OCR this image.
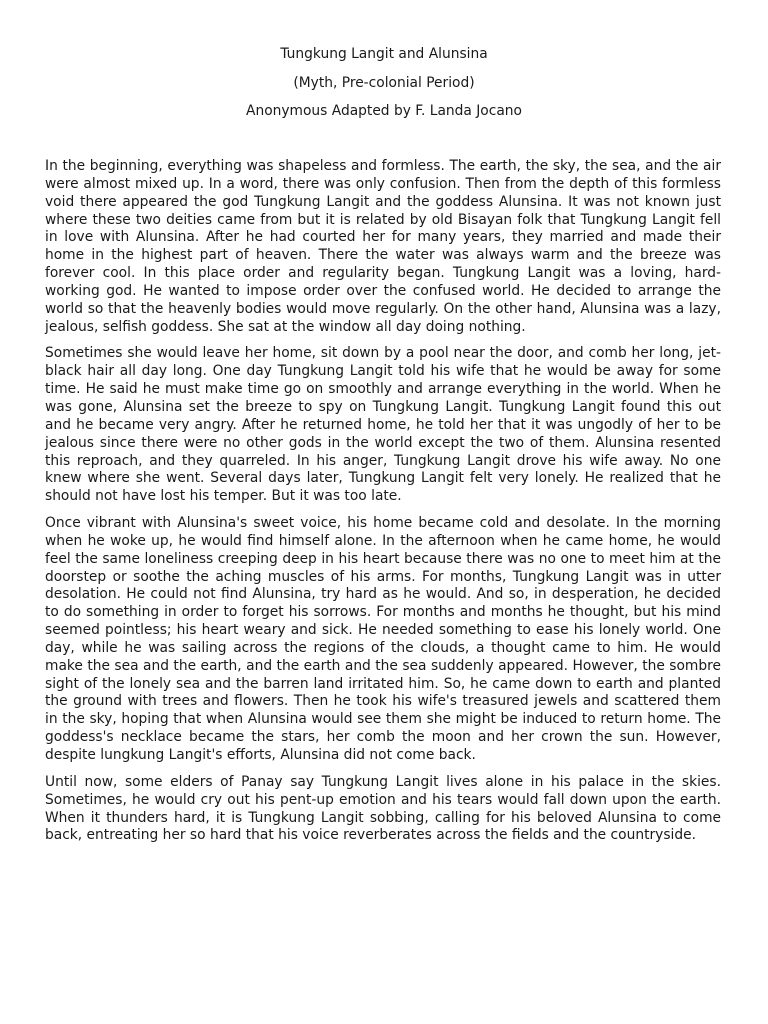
Tungkung Langit and Alunsina

(Myth, Pre-colonial Period)

Anonymous Adapted by F. Landa Jocano

In the beginning, everything was shapeless and formless. The earth, the sky, the sea, and the air were almost mixed up. In a word, there was only confusion. Then from the depth of this formless void there appeared the god Tungkung Langit and the goddess Alunsina. It was not known just where these two deities came from but it is related by old Bisayan folk that Tungkung Langit fell in love with Alunsina. After he had courted her for many years, they married and made their home in the highest part of heaven. There the water was always warm and the breeze was forever cool. In this place order and regularity began. Tungkung Langit was a loving, hard-working god. He wanted to impose order over the confused world. He decided to arrange the world so that the heavenly bodies would move regularly. On the other hand, Alunsina was a lazy, jealous, selfish goddess. She sat at the window all day doing nothing.

Sometimes she would leave her home, sit down by a pool near the door, and comb her long, jet-black hair all day long. One day Tungkung Langit told his wife that he would be away for some time. He said he must make time go on smoothly and arrange everything in the world. When he was gone, Alunsina set the breeze to spy on Tungkung Langit. Tungkung Langit found this out and he became very angry. After he returned home, he told her that it was ungodly of her to be jealous since there were no other gods in the world except the two of them. Alunsina resented this reproach, and they quarreled. In his anger, Tungkung Langit drove his wife away. No one knew where she went. Several days later, Tungkung Langit felt very lonely. He realized that he should not have lost his temper. But it was too late.

Once vibrant with Alunsina's sweet voice, his home became cold and desolate. In the morning when he woke up, he would find himself alone. In the afternoon when he came home, he would feel the same loneliness creeping deep in his heart because there was no one to meet him at the doorstep or soothe the aching muscles of his arms. For months, Tungkung Langit was in utter desolation. He could not find Alunsina, try hard as he would. And so, in desperation, he decided to do something in order to forget his sorrows. For months and months he thought, but his mind seemed pointless; his heart weary and sick. He needed something to ease his lonely world. One day, while he was sailing across the regions of the clouds, a thought came to him. He would make the sea and the earth, and the earth and the sea suddenly appeared. However, the sombre sight of the lonely sea and the barren land irritated him. So, he came down to earth and planted the ground with trees and flowers. Then he took his wife's treasured jewels and scattered them in the sky, hoping that when Alunsina would see them she might be induced to return home. The goddess's necklace became the stars, her comb the moon and her crown the sun. However, despite lungkung Langit's efforts, Alunsina did not come back.

Until now, some elders of Panay say Tungkung Langit lives alone in his palace in the skies. Sometimes, he would cry out his pent-up emotion and his tears would fall down upon the earth. When it thunders hard, it is Tungkung Langit sobbing, calling for his beloved Alunsina to come back, entreating her so hard that his voice reverberates across the fields and the countryside.
